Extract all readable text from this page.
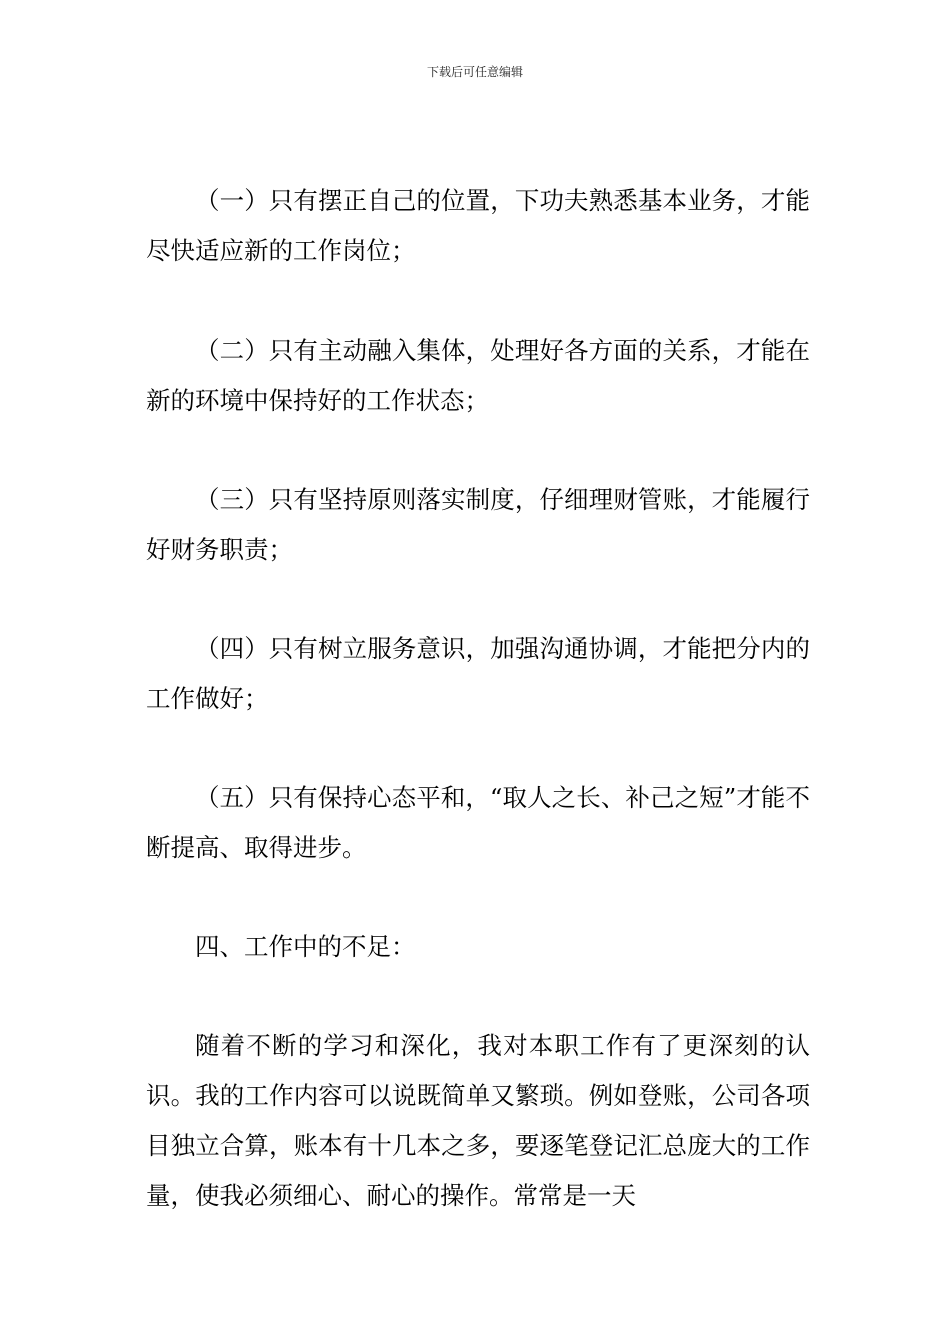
下载后可任意编辑

（一）只有摆正自己的位置，下功夫熟悉基本业务，才能尽快适应新的工作岗位；

（二）只有主动融入集体，处理好各方面的关系，才能在新的环境中保持好的工作状态；

（三）只有坚持原则落实制度，仔细理财管账，才能履行好财务职责；

（四）只有树立服务意识，加强沟通协调，才能把分内的工作做好；

（五）只有保持心态平和，“取人之长、补己之短”才能不断提高、取得进步。

四、工作中的不足：

随着不断的学习和深化，我对本职工作有了更深刻的认识。我的工作内容可以说既简单又繁琐。例如登账，公司各项目独立合算，账本有十几本之多，要逐笔登记汇总庞大的工作量，使我必须细心、耐心的操作。常常是一天
